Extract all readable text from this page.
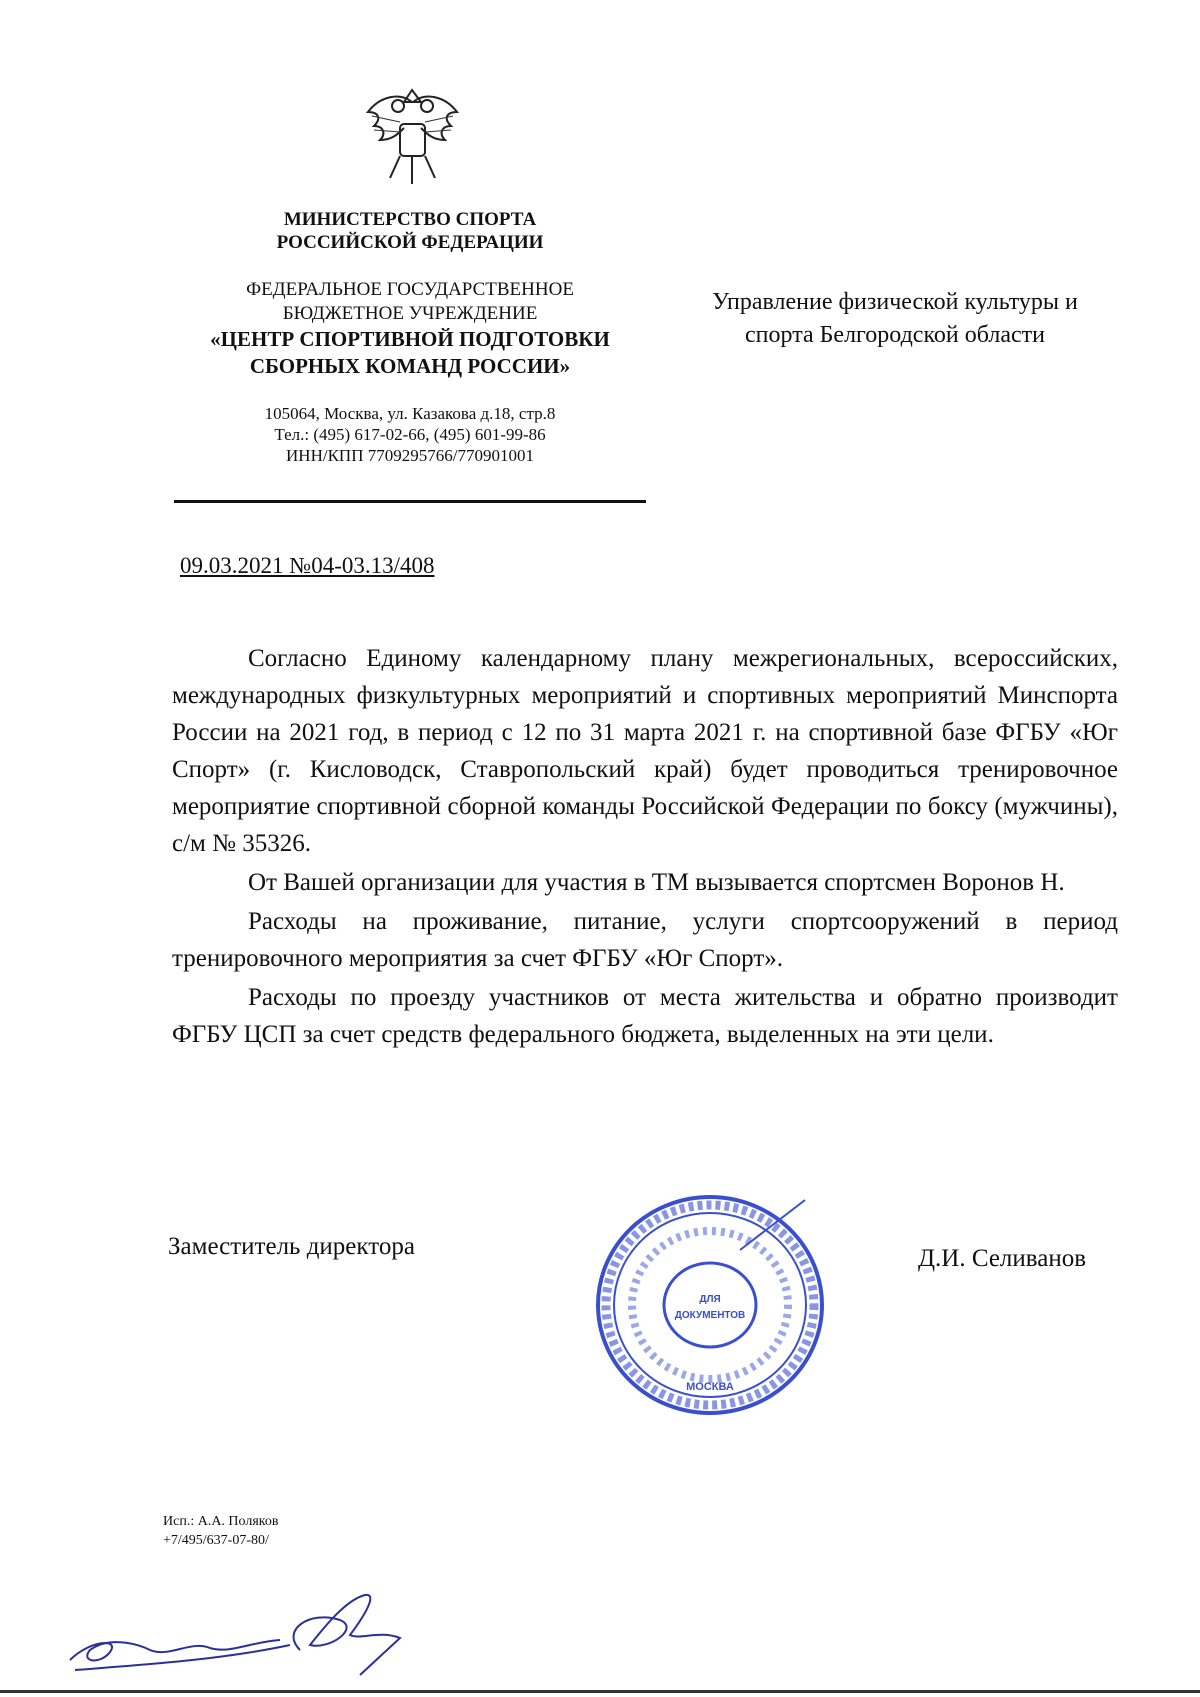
МИНИСТЕРСТВО СПОРТА
РОССИЙСКОЙ ФЕДЕРАЦИИ
ФЕДЕРАЛЬНОЕ ГОСУДАРСТВЕННОЕ
БЮДЖЕТНОЕ УЧРЕЖДЕНИЕ
«ЦЕНТР СПОРТИВНОЙ ПОДГОТОВКИ
СБОРНЫХ КОМАНД РОССИИ»
105064, Москва, ул. Казакова д.18, стр.8
Тел.: (495) 617-02-66, (495) 601-99-86
ИНН/КПП 7709295766/770901001
Управление физической культуры и
спорта Белгородской области
09.03.2021 №04-03.13/408

Согласно Единому календарному плану межрегиональных, всероссийских, международных физкультурных мероприятий и спортивных мероприятий Минспорта России на 2021 год, в период с 12 по 31 марта 2021 г. на спортивной базе ФГБУ «Юг Спорт» (г. Кисловодск, Ставропольский край) будет проводиться тренировочное мероприятие спортивной сборной команды Российской Федерации по боксу (мужчины), с/м № 35326.

От Вашей организации для участия в ТМ вызывается спортсмен Воронов Н.

Расходы на проживание, питание, услуги спортсооружений в период тренировочного мероприятия за счет ФГБУ «Юг Спорт».

Расходы по проезду участников от места жительства и обратно производит ФГБУ ЦСП за счет средств федерального бюджета, выделенных на эти цели.

Заместитель директора
ДЛЯ
ДОКУМЕНТОВ
МОСКВА
Д.И. Селиванов
Исп.: А.А. Поляков
+7/495/637-07-80/
